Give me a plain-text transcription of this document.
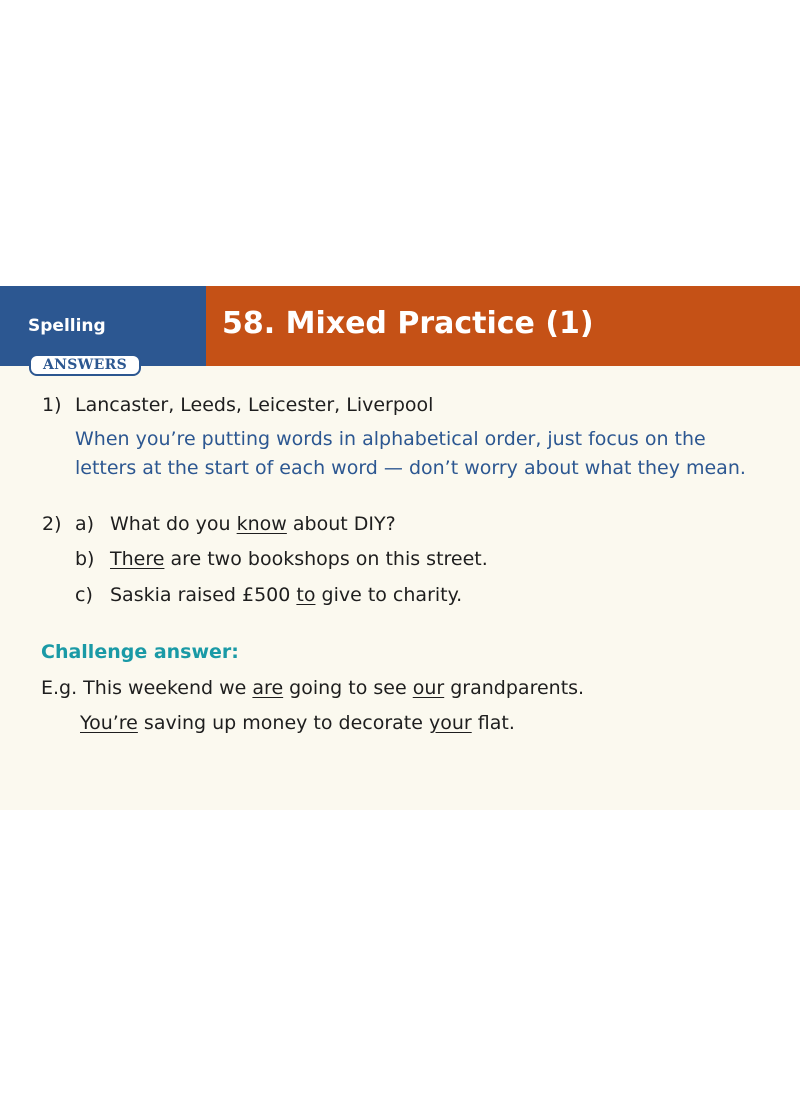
Spelling	58. Mixed Practice (1)
ANSWERS
1) Lancaster, Leeds, Leicester, Liverpool
When you’re putting words in alphabetical order, just focus on the
letters at the start of each word — don’t worry about what they mean.
2) a) What do you know about DIY?
b) There are two bookshops on this street.
c) Saskia raised £500 to give to charity.
Challenge answer:
E.g. This weekend we are going to see our grandparents.
You’re saving up money to decorate your flat.
